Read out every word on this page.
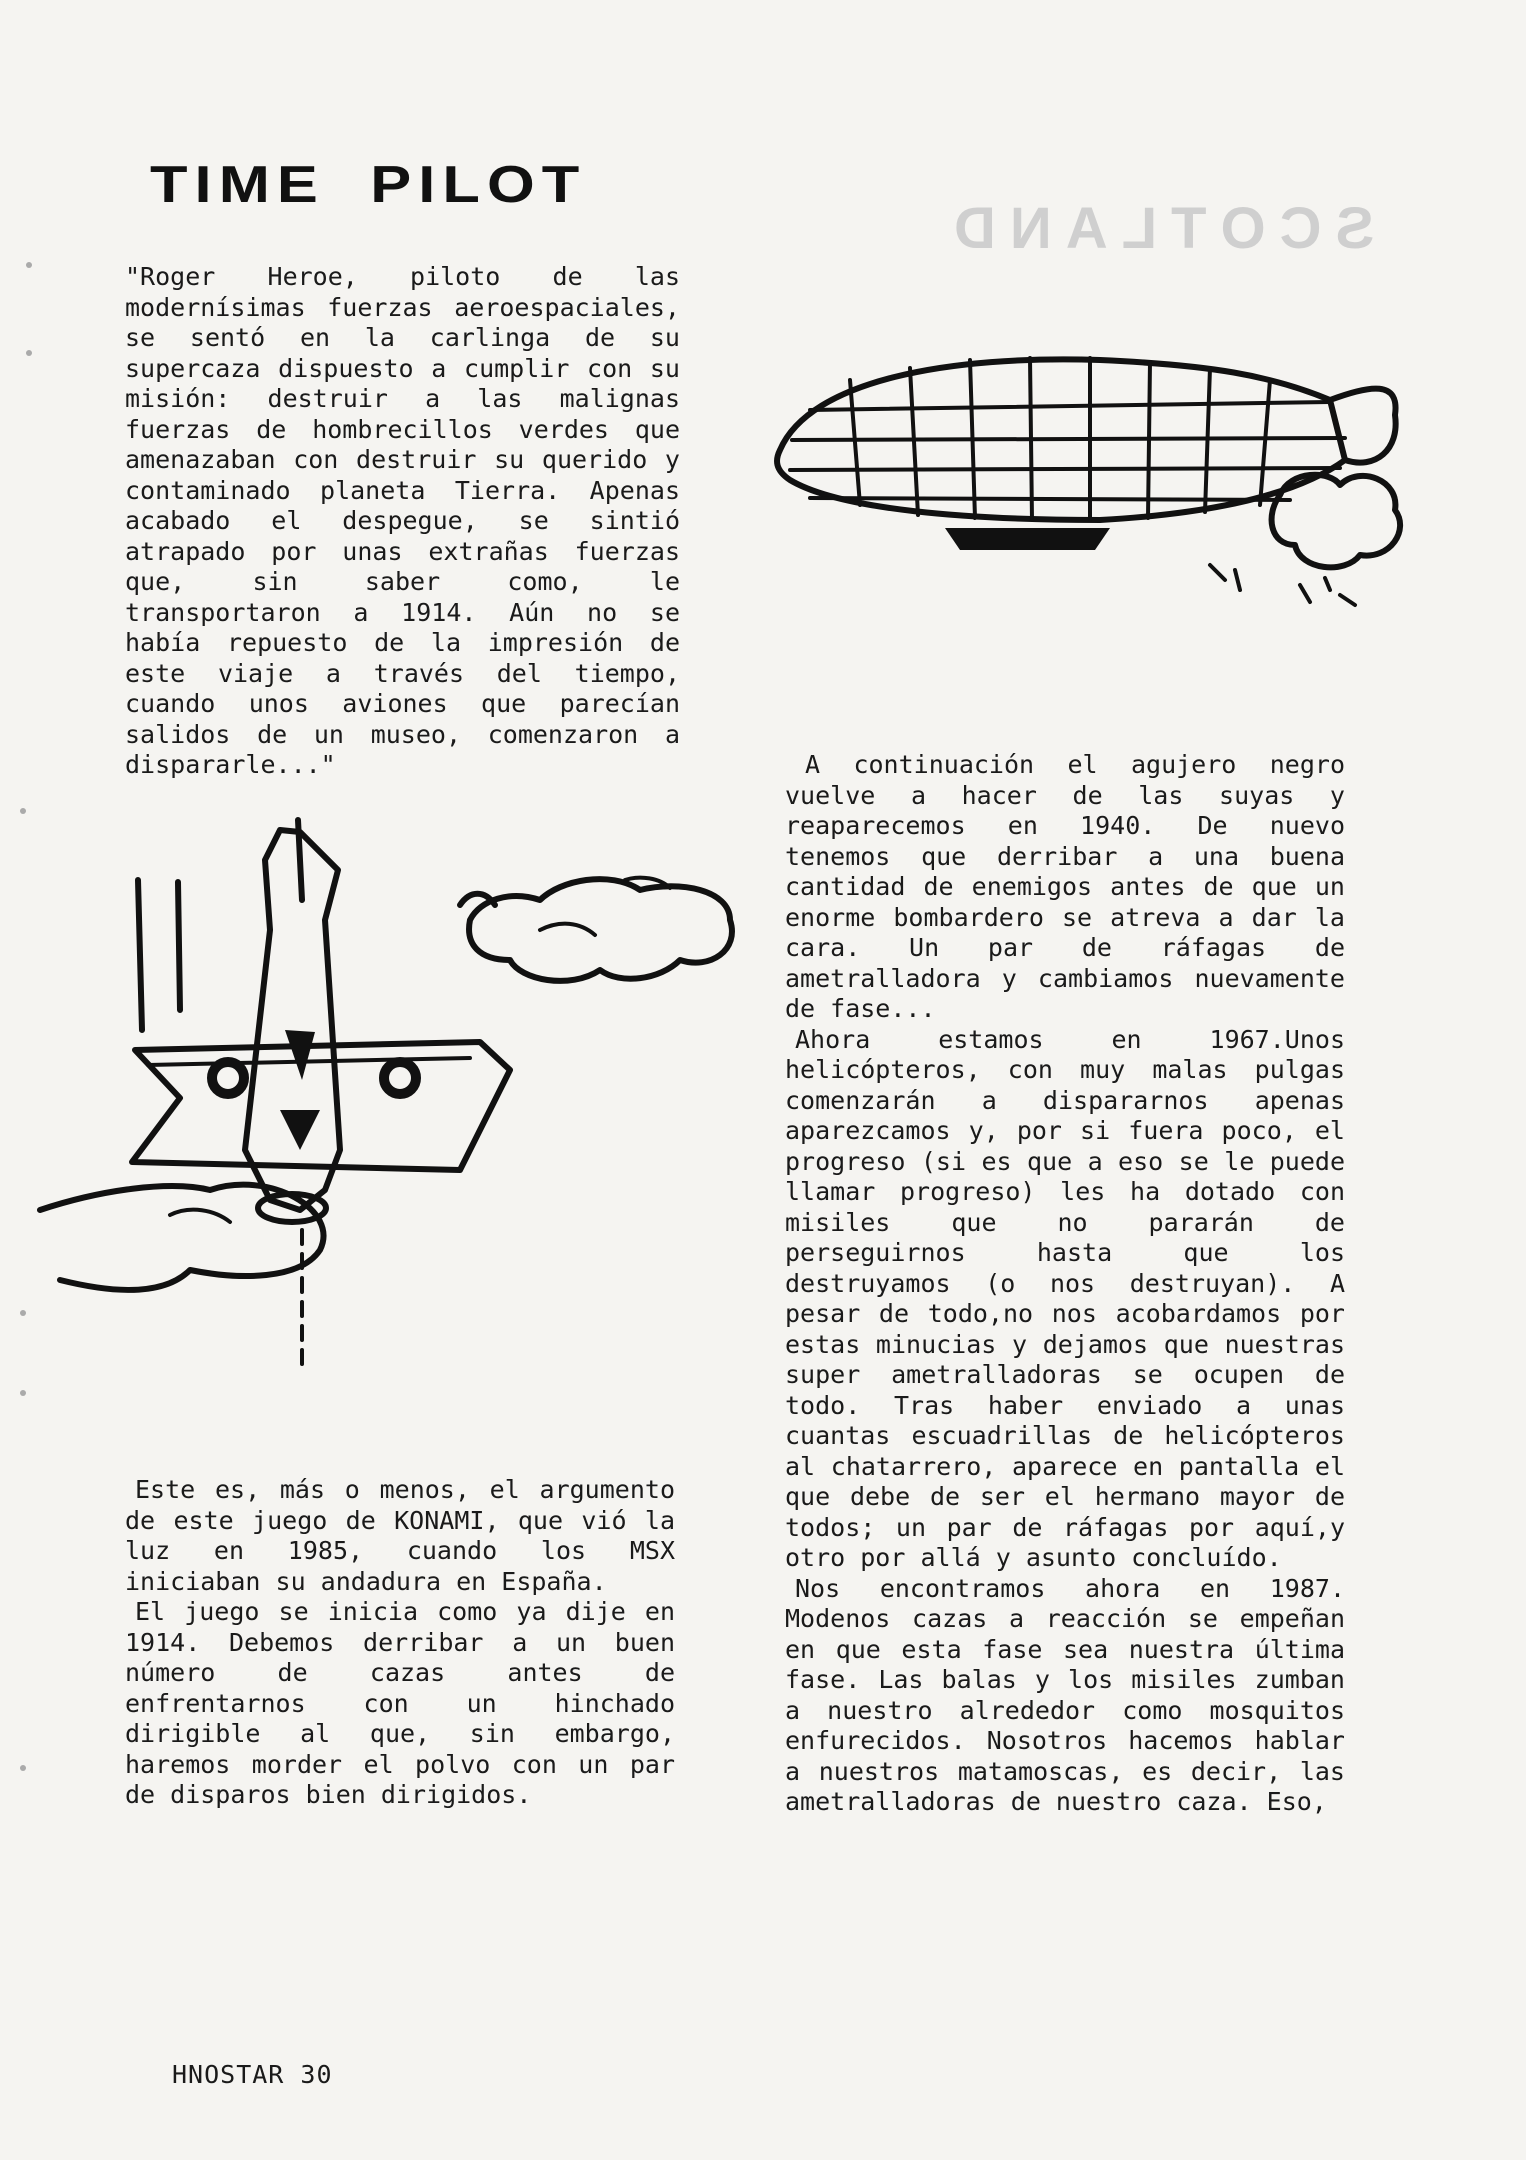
SCOTLAND
TIME PILOT

"Roger Heroe, piloto de las modernísimas fuerzas aeroespaciales, se sentó en la carlinga de su supercaza dispuesto a cumplir con su misión: destruir a las malignas fuerzas de hombrecillos verdes que amenazaban con destruir su querido y contaminado planeta Tierra. Apenas acabado el despegue, se sintió atrapado por unas extrañas fuerzas que, sin saber como, le transportaron a 1914. Aún no se había repuesto de la impresión de este viaje a través del tiempo, cuando unos aviones que parecían salidos de un museo, comenzaron a dispararle..."

Este es, más o menos, el argumento de este juego de KONAMI, que vió la luz en 1985, cuando los MSX iniciaban su andadura en España.

El juego se inicia como ya dije en 1914. Debemos derribar a un buen número de cazas antes de enfrentarnos con un hinchado dirigible al que, sin embargo, haremos morder el polvo con un par de disparos bien dirigidos.

A continuación el agujero negro vuelve a hacer de las suyas y reaparecemos en 1940. De nuevo tenemos que derribar a una buena cantidad de enemigos antes de que un enorme bombardero se atreva a dar la cara. Un par de ráfagas de ametralladora y cambiamos nuevamente de fase...

Ahora estamos en 1967.Unos helicópteros, con muy malas pulgas comenzarán a dispararnos apenas aparezcamos y, por si fuera poco, el progreso (si es que a eso se le puede llamar progreso) les ha dotado con misiles que no pararán de perseguirnos hasta que los destruyamos (o nos destruyan). A pesar de todo,no nos acobardamos por estas minucias y dejamos que nuestras super ametralladoras se ocupen de todo. Tras haber enviado a unas cuantas escuadrillas de helicópteros al chatarrero, aparece en pantalla el que debe de ser el hermano mayor de todos; un par de ráfagas por aquí,y otro por allá y asunto concluído.

Nos encontramos ahora en 1987. Modenos cazas a reacción se empeñan en que esta fase sea nuestra última fase. Las balas y los misiles zumban a nuestro alrededor como mosquitos enfurecidos. Nosotros hacemos hablar a nuestros matamoscas, es decir, las ametralladoras de nuestro caza. Eso,

HNOSTAR 30
